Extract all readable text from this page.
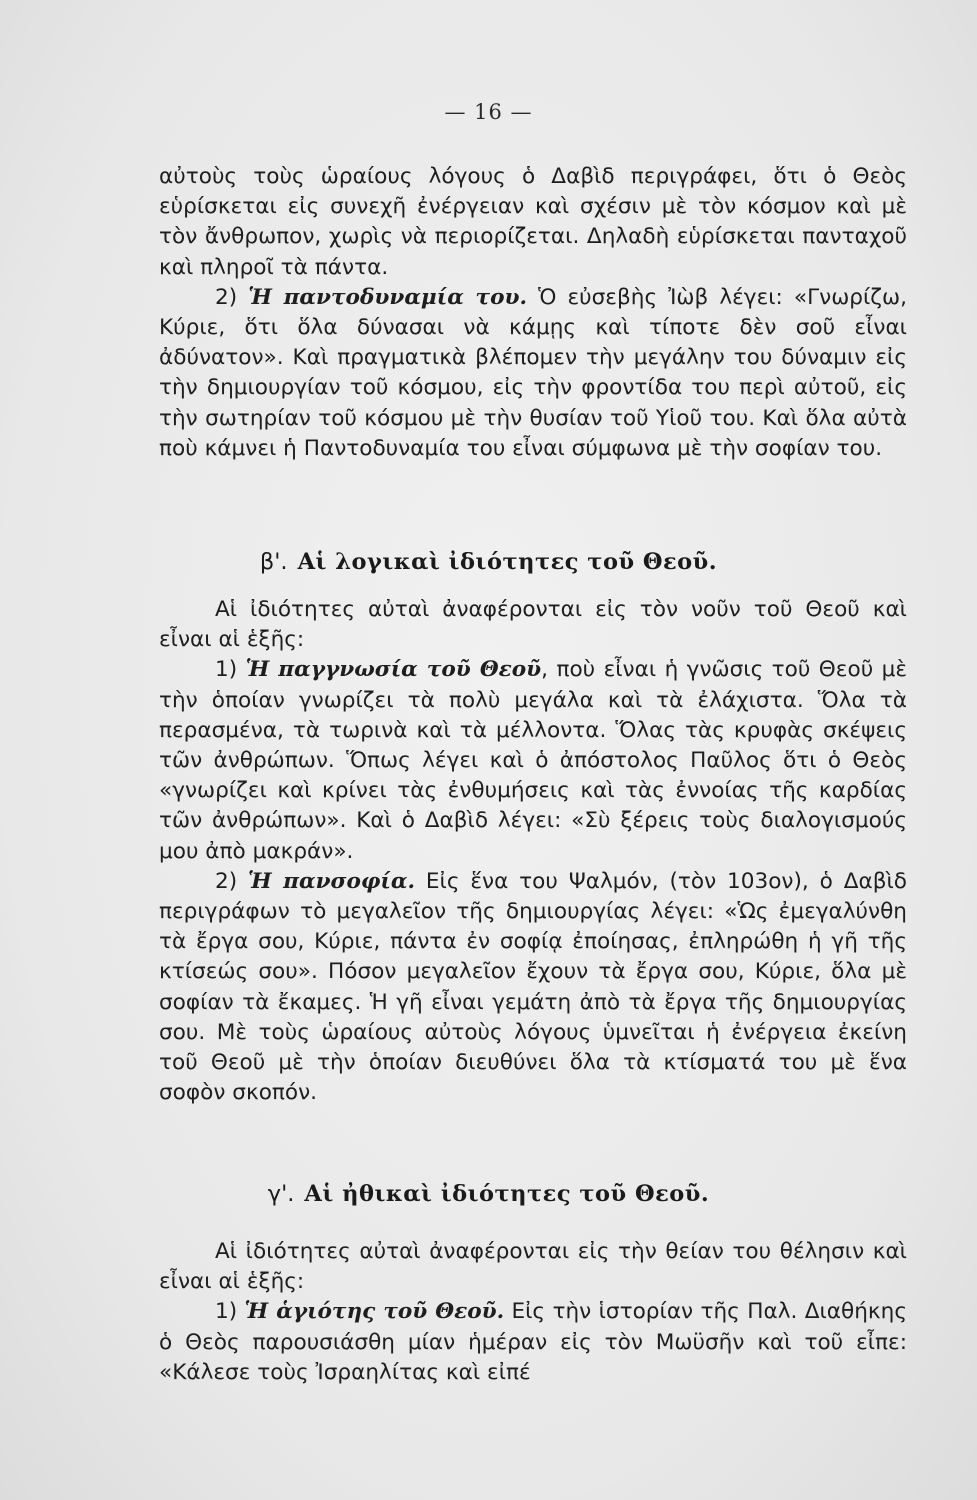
— 16 —

αὐτοὺς τοὺς ὡραίους λόγους ὁ Δαβὶδ περιγράφει, ὅτι ὁ Θεὸς εὑρίσκεται εἰς συνεχῆ ἐνέργειαν καὶ σχέσιν μὲ τὸν κόσμον καὶ μὲ τὸν ἄνθρωπον, χωρὶς νὰ περιορίζεται. Δηλαδὴ εὑρίσκεται πανταχοῦ καὶ πληροῖ τὰ πάντα.

2) Ἡ παντοδυναμία του. Ὁ εὐσεβὴς Ἰὼβ λέγει: «Γνωρίζω, Κύριε, ὅτι ὅλα δύνασαι νὰ κάμῃς καὶ τίποτε δὲν σοῦ εἶναι ἀδύνατον». Καὶ πραγματικὰ βλέπομεν τὴν μεγάλην του δύναμιν εἰς τὴν δημιουργίαν τοῦ κόσμου, εἰς τὴν φροντίδα του περὶ αὐτοῦ, εἰς τὴν σωτηρίαν τοῦ κόσμου μὲ τὴν θυσίαν τοῦ Υἱοῦ του. Καὶ ὅλα αὐτὰ ποὺ κάμνει ἡ Παντοδυναμία του εἶναι σύμφωνα μὲ τὴν σοφίαν του.

β'. Αἱ λογικαὶ ἰδιότητες τοῦ Θεοῦ.

Αἱ ἰδιότητες αὐταὶ ἀναφέρονται εἰς τὸν νοῦν τοῦ Θεοῦ καὶ εἶναι αἱ ἑξῆς:

1) Ἡ παγγνωσία τοῦ Θεοῦ, ποὺ εἶναι ἡ γνῶσις τοῦ Θεοῦ μὲ τὴν ὁποίαν γνωρίζει τὰ πολὺ μεγάλα καὶ τὰ ἐλάχιστα. Ὅλα τὰ περασμένα, τὰ τωρινὰ καὶ τὰ μέλλοντα. Ὅλας τὰς κρυφὰς σκέψεις τῶν ἀνθρώπων. Ὅπως λέγει καὶ ὁ ἀπόστολος Παῦλος ὅτι ὁ Θεὸς «γνωρίζει καὶ κρίνει τὰς ἐνθυμήσεις καὶ τὰς ἐννοίας τῆς καρδίας τῶν ἀνθρώπων». Καὶ ὁ Δαβὶδ λέγει: «Σὺ ξέρεις τοὺς διαλογισμούς μου ἀπὸ μακράν».

2) Ἡ πανσοφία. Εἰς ἕνα του Ψαλμόν, (τὸν 103ον), ὁ Δαβὶδ περιγράφων τὸ μεγαλεῖον τῆς δημιουργίας λέγει: «Ὡς ἐμεγαλύνθη τὰ ἔργα σου, Κύριε, πάντα ἐν σοφίᾳ ἐποίησας, ἐπληρώθη ἡ γῆ τῆς κτίσεώς σου». Πόσον μεγαλεῖον ἔχουν τὰ ἔργα σου, Κύριε, ὅλα μὲ σοφίαν τὰ ἔκαμες. Ἡ γῆ εἶναι γεμάτη ἀπὸ τὰ ἔργα τῆς δημιουργίας σου. Μὲ τοὺς ὡραίους αὐτοὺς λόγους ὑμνεῖται ἡ ἐνέργεια ἐκείνη τοῦ Θεοῦ μὲ τὴν ὁποίαν διευθύνει ὅλα τὰ κτίσματά του μὲ ἕνα σοφὸν σκοπόν.

γ'. Αἱ ἠθικαὶ ἰδιότητες τοῦ Θεοῦ.

Αἱ ἰδιότητες αὐταὶ ἀναφέρονται εἰς τὴν θείαν του θέλησιν καὶ εἶναι αἱ ἑξῆς:

1) Ἡ ἁγιότης τοῦ Θεοῦ. Εἰς τὴν ἱστορίαν τῆς Παλ. Διαθήκης ὁ Θεὸς παρουσιάσθη μίαν ἡμέραν εἰς τὸν Μωϋσῆν καὶ τοῦ εἶπε: «Κάλεσε τοὺς Ἰσραηλίτας καὶ εἰπέ
